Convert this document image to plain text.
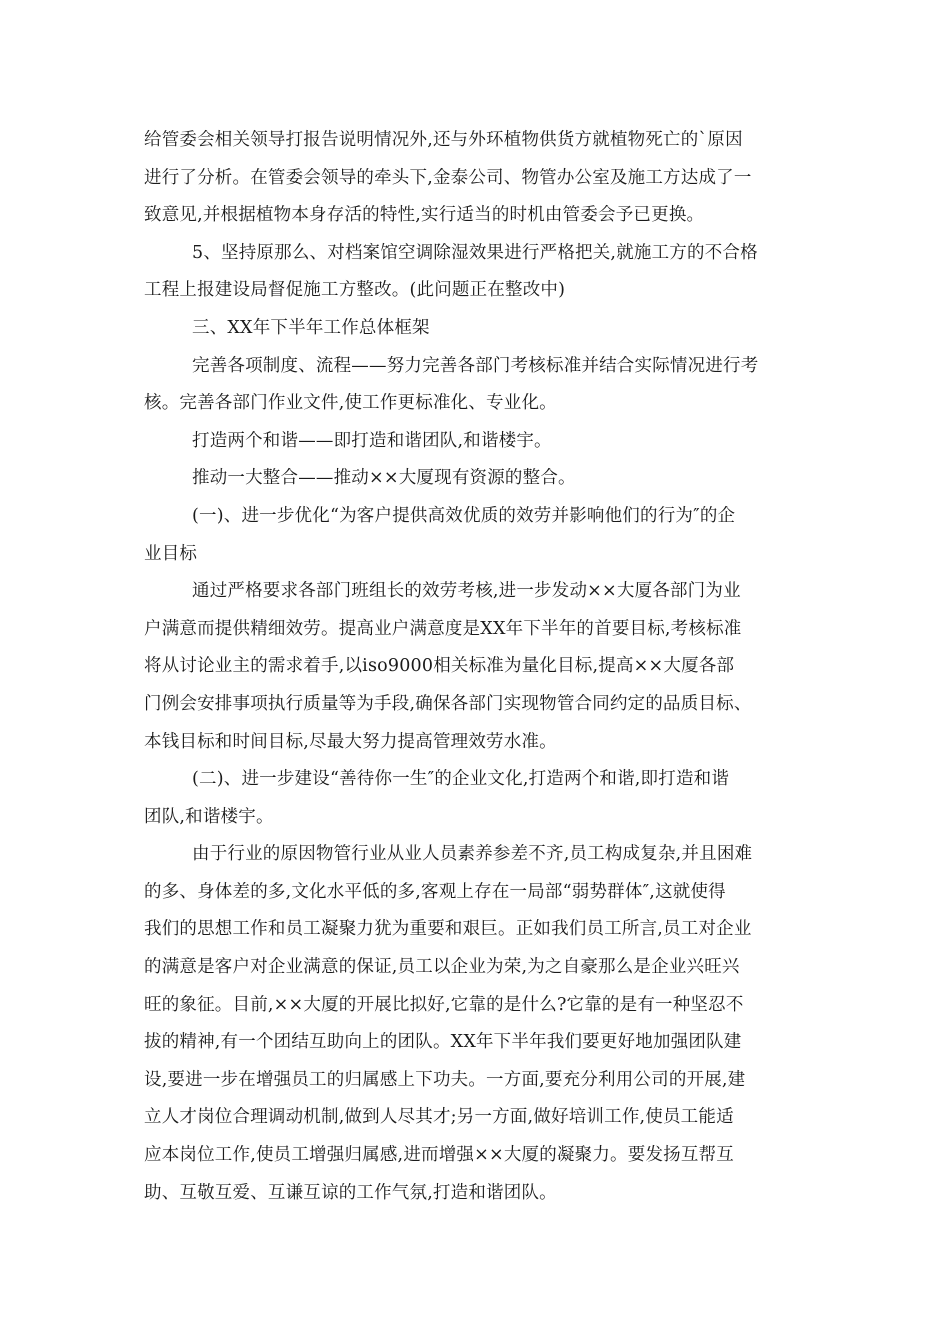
给管委会相关领导打报告说明情况外,还与外环植物供货方就植物死亡的`原因
进行了分析。在管委会领导的牵头下,金泰公司、物管办公室及施工方达成了一
致意见,并根据植物本身存活的特性,实行适当的时机由管委会予已更换。
5、坚持原那么、对档案馆空调除湿效果进行严格把关,就施工方的不合格
工程上报建设局督促施工方整改。(此问题正在整改中)
三、XX年下半年工作总体框架
完善各项制度、流程——努力完善各部门考核标准并结合实际情况进行考
核。完善各部门作业文件,使工作更标准化、专业化。
打造两个和谐——即打造和谐团队,和谐楼宇。
推动一大整合——推动××大厦现有资源的整合。
(一)、进一步优化“为客户提供高效优质的效劳并影响他们的行为″的企
业目标
通过严格要求各部门班组长的效劳考核,进一步发动××大厦各部门为业
户满意而提供精细效劳。提高业户满意度是XX年下半年的首要目标,考核标准
将从讨论业主的需求着手,以iso9000相关标准为量化目标,提高××大厦各部
门例会安排事项执行质量等为手段,确保各部门实现物管合同约定的品质目标、
本钱目标和时间目标,尽最大努力提高管理效劳水准。
(二)、进一步建设“善待你一生″的企业文化,打造两个和谐,即打造和谐
团队,和谐楼宇。
由于行业的原因物管行业从业人员素养参差不齐,员工构成复杂,并且困难
的多、身体差的多,文化水平低的多,客观上存在一局部“弱势群体″,这就使得
我们的思想工作和员工凝聚力犹为重要和艰巨。正如我们员工所言,员工对企业
的满意是客户对企业满意的保证,员工以企业为荣,为之自豪那么是企业兴旺兴
旺的象征。目前,××大厦的开展比拟好,它靠的是什么?它靠的是有一种坚忍不
拔的精神,有一个团结互助向上的团队。XX年下半年我们要更好地加强团队建
设,要进一步在增强员工的归属感上下功夫。一方面,要充分利用公司的开展,建
立人才岗位合理调动机制,做到人尽其才;另一方面,做好培训工作,使员工能适
应本岗位工作,使员工增强归属感,进而增强××大厦的凝聚力。要发扬互帮互
助、互敬互爱、互谦互谅的工作气氛,打造和谐团队。
